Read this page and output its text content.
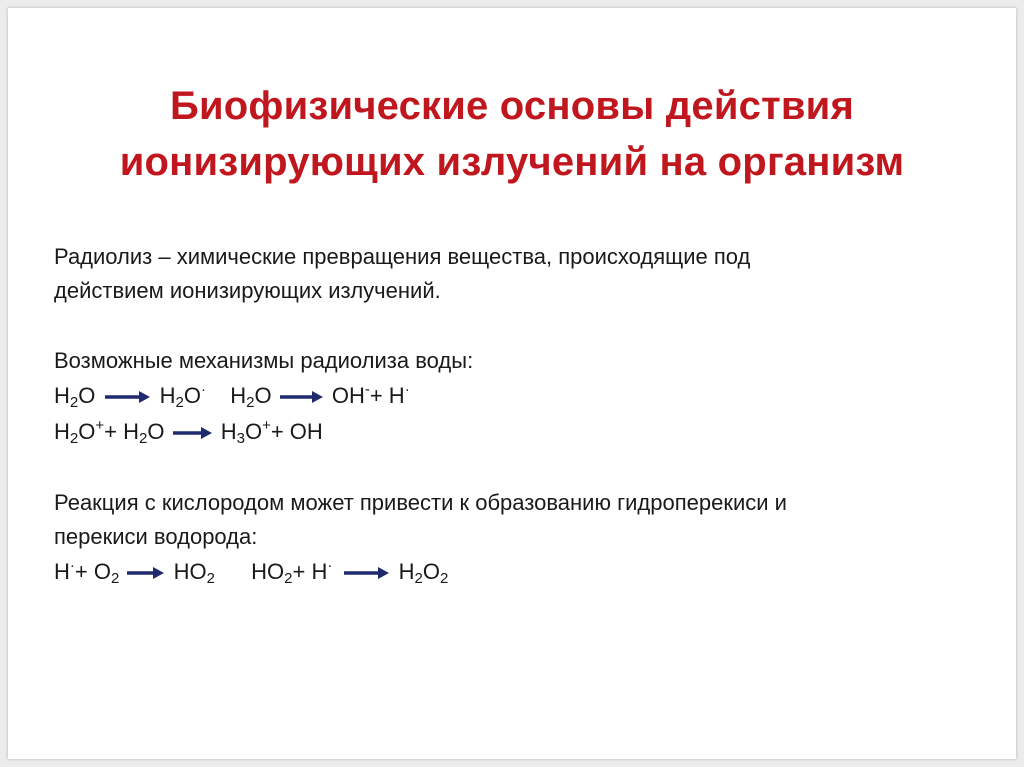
Биофизические основы действия
ионизирующих излучений на организм

Радиолиз – химические превращения вещества, происходящие под
действием ионизирующих излучений.

Возможные механизмы радиолиза воды:

$H_2O \to H_2O^\cdot$ $H_2O \to OH^-+ H^\cdot$
$H_2O^++ H_2O \to H_3O^++$ OH

Реакция с кислородом может привести к образованию гидроперекиси и
перекиси водорода:

$H^\cdot+ O_2 \to HO_2$ $HO_2+ H^\cdot \to H_2O_2$
